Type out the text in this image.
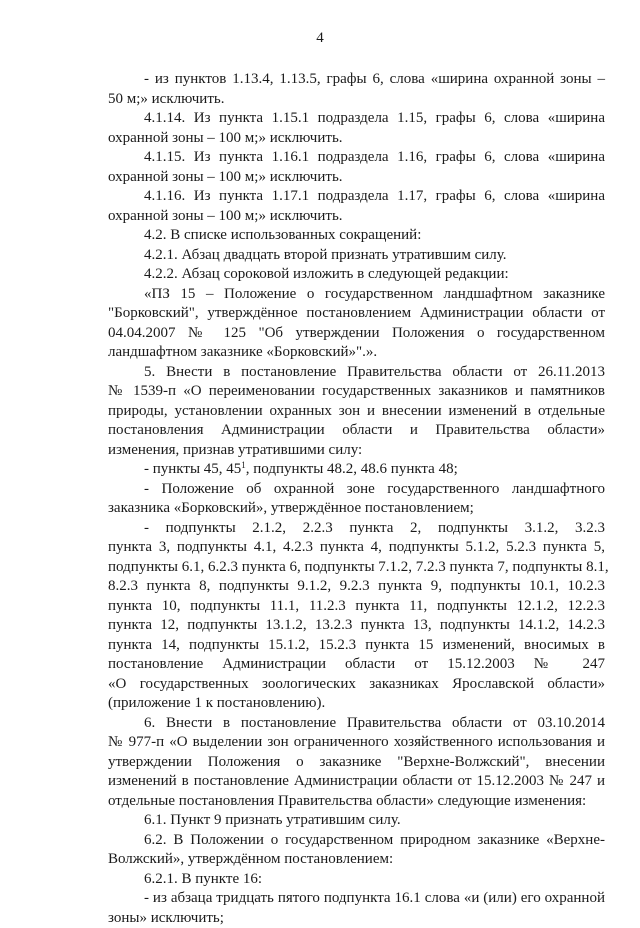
4
- из пунктов 1.13.4, 1.13.5, графы 6, слова «ширина охранной зоны –
50 м;» исключить.
4.1.14. Из пункта 1.15.1 подраздела 1.15, графы 6, слова «ширина
охранной зоны – 100 м;» исключить.
4.1.15. Из пункта 1.16.1 подраздела 1.16, графы 6, слова «ширина
охранной зоны – 100 м;» исключить.
4.1.16. Из пункта 1.17.1 подраздела 1.17, графы 6, слова «ширина
охранной зоны – 100 м;» исключить.
4.2. В списке использованных сокращений:
4.2.1. Абзац двадцать второй признать утратившим силу.
4.2.2. Абзац сороковой изложить в следующей редакции:
«ПЗ 15 – Положение о государственном ландшафтном заказнике
"Борковский", утверждённое постановлением Администрации области от
04.04.2007 № 125 "Об утверждении Положения о государственном
ландшафтном заказнике «Борковский»".».
5. Внести в постановление Правительства области от 26.11.2013
№ 1539-п «О переименовании государственных заказников и памятников
природы, установлении охранных зон и внесении изменений в отдельные
постановления Администрации области и Правительства области»
изменения, признав утратившими силу:
- пункты 45, $45^1$, подпункты 48.2, 48.6 пункта 48;
- Положение об охранной зоне государственного ландшафтного
заказника «Борковский», утверждённое постановлением;
- подпункты 2.1.2, 2.2.3 пункта 2, подпункты 3.1.2, 3.2.3
пункта 3, подпункты 4.1, 4.2.3 пункта 4, подпункты 5.1.2, 5.2.3 пункта 5,
подпункты 6.1, 6.2.3 пункта 6, подпункты 7.1.2, 7.2.3 пункта 7, подпункты 8.1,
8.2.3 пункта 8, подпункты 9.1.2, 9.2.3 пункта 9, подпункты 10.1, 10.2.3
пункта 10, подпункты 11.1, 11.2.3 пункта 11, подпункты 12.1.2, 12.2.3
пункта 12, подпункты 13.1.2, 13.2.3 пункта 13, подпункты 14.1.2, 14.2.3
пункта 14, подпункты 15.1.2, 15.2.3 пункта 15 изменений, вносимых в
постановление Администрации области от 15.12.2003 № 247
«О государственных зоологических заказниках Ярославской области»
(приложение 1 к постановлению).
6. Внести в постановление Правительства области от 03.10.2014
№ 977-п «О выделении зон ограниченного хозяйственного использования и
утверждении Положения о заказнике "Верхне-Волжский", внесении
изменений в постановление Администрации области от 15.12.2003 № 247 и
отдельные постановления Правительства области» следующие изменения:
6.1. Пункт 9 признать утратившим силу.
6.2. В Положении о государственном природном заказнике «Верхне-
Волжский», утверждённом постановлением:
6.2.1. В пункте 16:
- из абзаца тридцать пятого подпункта 16.1 слова «и (или) его охранной
зоны» исключить;
